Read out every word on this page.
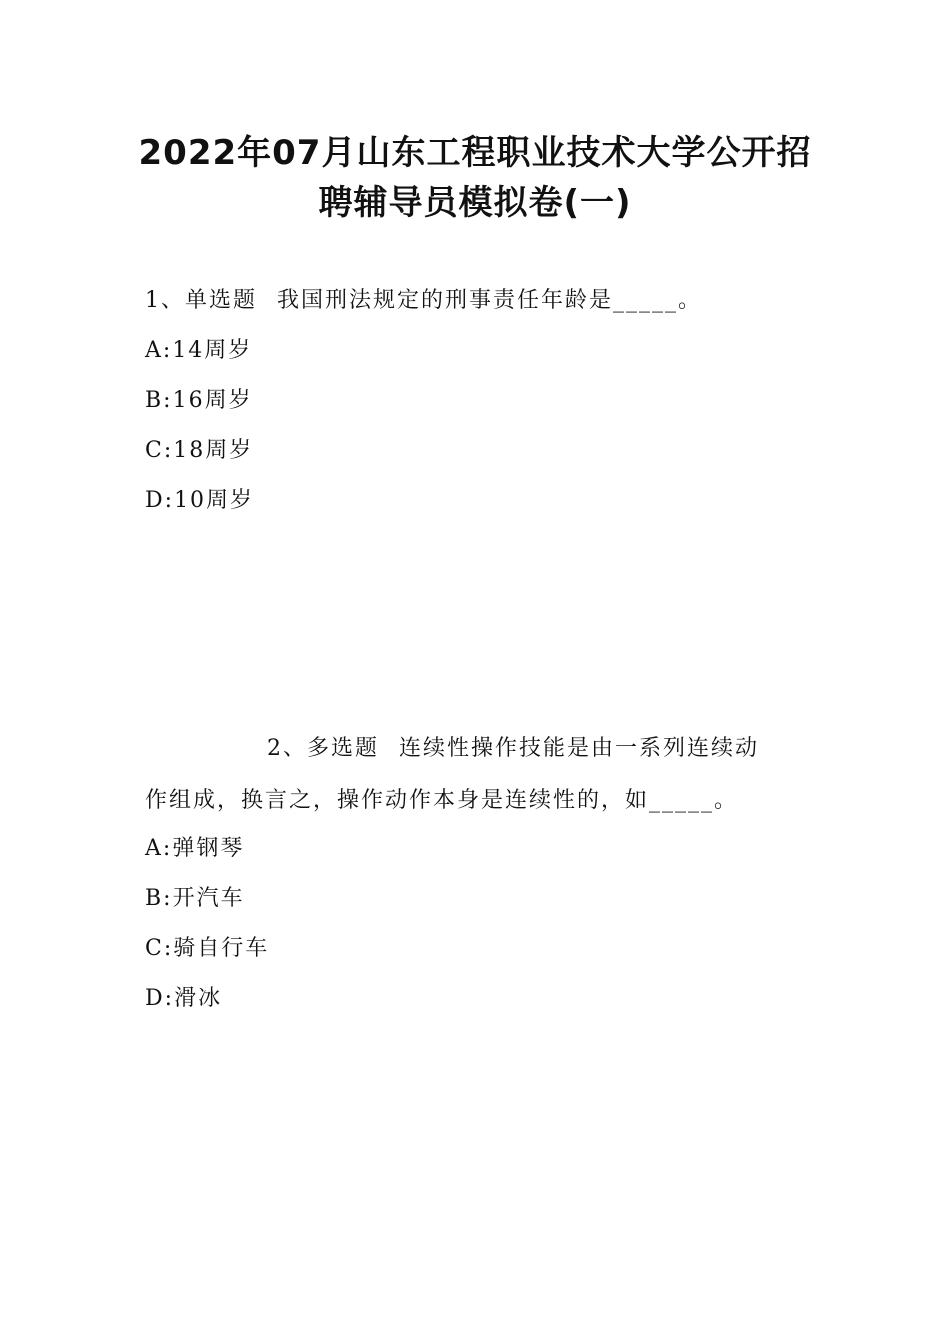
2022年07月山东工程职业技术大学公开招
聘辅导员模拟卷(一)
1、单选题 我国刑法规定的刑事责任年龄是_____。
A:14周岁
B:16周岁
C:18周岁
D:10周岁
2、多选题 连续性操作技能是由一系列连续动
作组成，换言之，操作动作本身是连续性的，如_____。
A:弹钢琴
B:开汽车
C:骑自行车
D:滑冰
